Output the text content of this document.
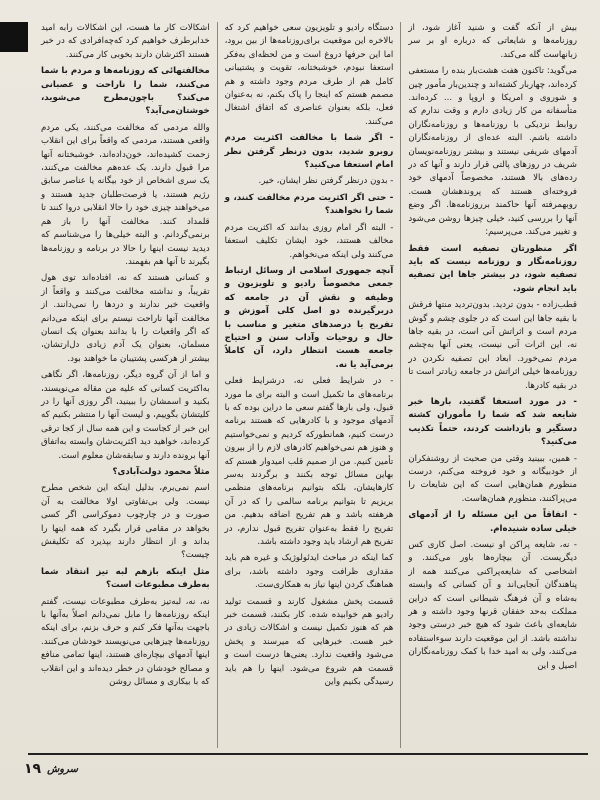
بیش از آنکه گفت و شنید آغاز شود، از روزنامه‌ها و شایعاتی که درباره او بر سر زبانهاست گله می‌کند.

می‌گوید: تاکنون هفت هشت‌بار بنده را مستعفی کرده‌اند، چهاربار کشته‌اند و چندین‌بار مأمور چین و شوروی و امریکا و اروپا و ... کرده‌اند. متأسفانه من کار زیادی دارم و وقت ندارم که روابط نزدیکی با روزنامه‌ها و روزنامه‌نگاران داشته باشم. البته عده‌ای از روزنامه‌نگاران آدمهای شریفی نیستند و بیشتر روزنامه‌نویسان شریف در روزهای پالتی قرار دارند و آنها که در رده‌های بالا هستند، مخصوصاً آدمهای خود فروخته‌ای هستند که پروندهشان هست. روبهمرفته آنها حاکمند برروزنامه‌ها. اگر وضع آنها را بررسی کنید، خیلی چیزها روشن می‌شود و تغییر می‌کند. می‌پرسیم:

اگر منظورتان تصفیه است فقط روزنامه‌نگار و روزنامه نیست که باید تصفیه شود، در بیشتر جاها این تصفیه باید انجام شود.

قطب‌زاده - بدون تردید. بدون‌تردید منتها فرقش با بقیه جاها این است که در جلوی چشم و گوش مردم است و اثراتش آنی است، در بقیه جاها نه، این اثرات آنی نیست، یعنی آنها به‌چشم مردم نمی‌خورد. ابعاد این تصفیه نکردن در روزنامه‌ها خیلی اثراتش در جامعه زیادتر است تا در بقیه کادرها.

- در مورد استعفا گفتید، بارها خبر شایعه شد که شما را مأموران کشته دستگیر و بازداشت کردند، حتماً تکذیب می‌کنید؟

- همین، ببینید وقتی من صحبت از روشنفکران از خودبیگانه و خود فروخته می‌کنم، درست منظورم همان‌هایی است که این شایعات را می‌پراکنند، منظورم همان‌هاست.

- اتفاقاً من این مسئله را از آدمهای خیلی ساده شنیده‌ام.

- نه، شایعه پراکن او نیست. اصل کاری کس دیگریست. آن بیچاره‌ها باور می‌کنند. و اشخاصی که شایعه‌پراکنی می‌کنند همه از پناهندگان آنجایی‌اند و آن کسانی که وابسته به‌شاه و آن فرهنگ شیطانی است که دراین مملکت به‌حد خفقان قرنها وجود داشته و هر شایعه‌ای باعث شود که هیچ خبر درستی وجود نداشته باشد. از این موقعیت دارند سوءاستفاده می‌کنند، ولی به امید خدا با کمک روزنامه‌نگاران اصیل و این

دستگاه رادیو و تلویزیون سعی خواهیم کرد که بالاخره این موقعیت برای‌روزنامه‌ها از بین برود، اما این حرفها دروغ است و من لحظه‌ای به‌فکر استعفا نبودم، خوشبختانه، تقویت و پشتیبانی کامل هم از طرف مردم وجود داشته و هم مصمم هستم که اینجا را پاک بکنم، نه به‌عنوان فعل، بلکه بعنوان عناصری که اتفاق اشتغال می‌کنند.

- اگر شما با مخالفت اکثریت مردم روبرو شدید، بدون درنظر گرفتن نظر امام استعفا می‌کنید؟

- بدون درنظر گرفتن نظر ایشان، خیر.

- حتی اگر اکثریت مردم مخالفت کنند، و شما را نخواهند؟

- البته اگر امام روزی بدانند که اکثریت مردم مخالف هستند، خود ایشان تکلیف استعفا می‌کنند ولی اینکه می‌نخواهم.

آنچه جمهوری اسلامی از وسائل ارتباط جمعی مخصوصاً رادیو و تلویزیون و وظیفه و نقش آن در جامعه که دربرگیرنده دو اصل کلی آموزش و تفریح یا درصدهای متغیر و مناسب با حال و روحیات وآداب سنن و احتیاج جامعه هست انتظار دارد، آن کاملاً برمی‌آید یا نه.

- در شرایط فعلی نه، درشرایط فعلی برنامه‌های ما تکمیل است و البته برای ما مورد قبول، ولی بارها گفتم سعی ما دراین بوده که با آدمهای موجود و با کادرهایی که هستند برنامه درست کنیم، همانطورکه کردیم و نمی‌خواستیم و هنوز هم نمی‌خواهیم کادرهای لازم را از بیرون تأمین کنیم. من از صمیم قلب امیدوار هستم که بهاین مسائل توجه بکنند و برگردند به‌سر کارهایشان، بلکه بتوانیم برنامه‌های منظمی بریزیم تا بتوانیم برنامه سالمی را که در آن هرهفته باشد و هم تفریح اضافه بدهیم. من تفریح را فقط به‌عنوان تفریح قبول ندارم، در تفریح هم ارشاد باید وجود داشته باشد.

کما اینکه در مباحث ایدئولوژیک و غیره هم باید مقداری ظرافت وجود داشته باشد، برای هماهنگ کردن اینها نیاز به همکاری‌ست.

قسمت پخش مشغول کارند و قسمت تولید رادیو هم خوابیده شده. کار بکنند، قسمت خبر هم که هنوز تکمیل نیست و اشکالات زیادی در خبر هست. خبرهایی که میرسند و پخش می‌شود واقعیت ندارد. یعنی‌ها درست است و قسمت هم شروع می‌شود. اینها را هم باید رسیدگی بکنیم واین

اشکالات کار ما هست، این اشکالات رابه امید خدابرطرف خواهیم کرد که‌چه‌افرادی که در خبر هستند اکثرشان دارند بخوبی کار می‌کنند.

مخالفتهائی که روزنامه‌ها و مردم با شما می‌کنند، شما را ناراحت و عصبانی می‌کند؟ باچون‌مطرح می‌شوید، خوشتان‌می‌آید؟

والله مردمی که مخالفت می‌کنند، یکی مردم واقعی هستند، مردمی که واقعاً برای این انقلاب زحمت کشیده‌اند، خون‌داده‌اند، خوشبختانه آنها مرا قبول دارند. یک عده‌هم مخالفت می‌کنند، یک سری اشخاص از خود بیگانه یا عناصر سابق رژیم هستند، یا فرصت‌طلبان جدید هستند و می‌خواهند چیزی خود را حالا انقلابی دروا کنند تا قلمداد کنند. مخالفت آنها را باز هم برنمی‌گردانم. و البته خیلی‌ها را می‌شناسم که دیدید نیست اینها را حالا در برنامه و روزنامه‌ها بگیرند تا آنها هم بفهمند.

و کسانی هستند که نه، افتاده‌اند توی هول تقریباً، و نداشته مخالفت می‌کنند و واقعاً از واقعیت خبر ندارند و دردها را نمی‌دانند. از مخالفت آنها ناراحت نیستم برای اینکه می‌دانم که اگر واقعیات را با بدانند بعنوان یک انسان مسلمان، بعنوان یک آدم زیادی دل‌ارتشان، بیشتر از هرکسی پشتیبان ما خواهند بود.

و اما از آن گروه دیگر، روزنامه‌ها، اگر نگاهی به‌اکثریت کسانی که علیه من مقاله می‌نویسند، بکنید و اسمشان را ببینید، اگر روزی آنها را در کلیتشان بگوییم، و لیست آنها را منتشر بکنیم که این خبر از کجاست و این همه سال از کجا ترقی کرده‌اند، خواهید دید اکثریت‌شان وابسته به‌اتفاق آنها برونده دارند و سابقه‌شان معلوم است.

مثلاً محمود دولت‌آبادی؟

اسم نمی‌برم، بدلیل اینکه این شخص مطرح نیست. ولی بی‌تفاوتی اولا مخالفت به آن صورت و در چارچوب دموکراسی اگر کسی بخواهد در مقامی قرار بگیرد که همه اینها را بداند و از انتظار دارند بپذیرد که تکلیفش چیست؟

مثل اینکه بازهم لبه تیز انتقاد شما به‌طرف مطبوعات است؟

نه، نه، لبه‌تیز به‌طرف مطبوعات نیست، گفتم اینکه روزنامه‌ها را مابل نمی‌دانم اصلاً به‌آنها با باجهت به‌آنها فکر کنم و حرف بزنم، برای اینکه روزنامه‌ها چیزهایی می‌نویسند خودشان می‌کنند. اینها آدمهای بیچاره‌ای هستند، اینها تمامی منافع و مصالح خودشان در خطر دیده‌اند و این انقلاب که با بیکاری و مسائل روشن

۱۹ سروش
